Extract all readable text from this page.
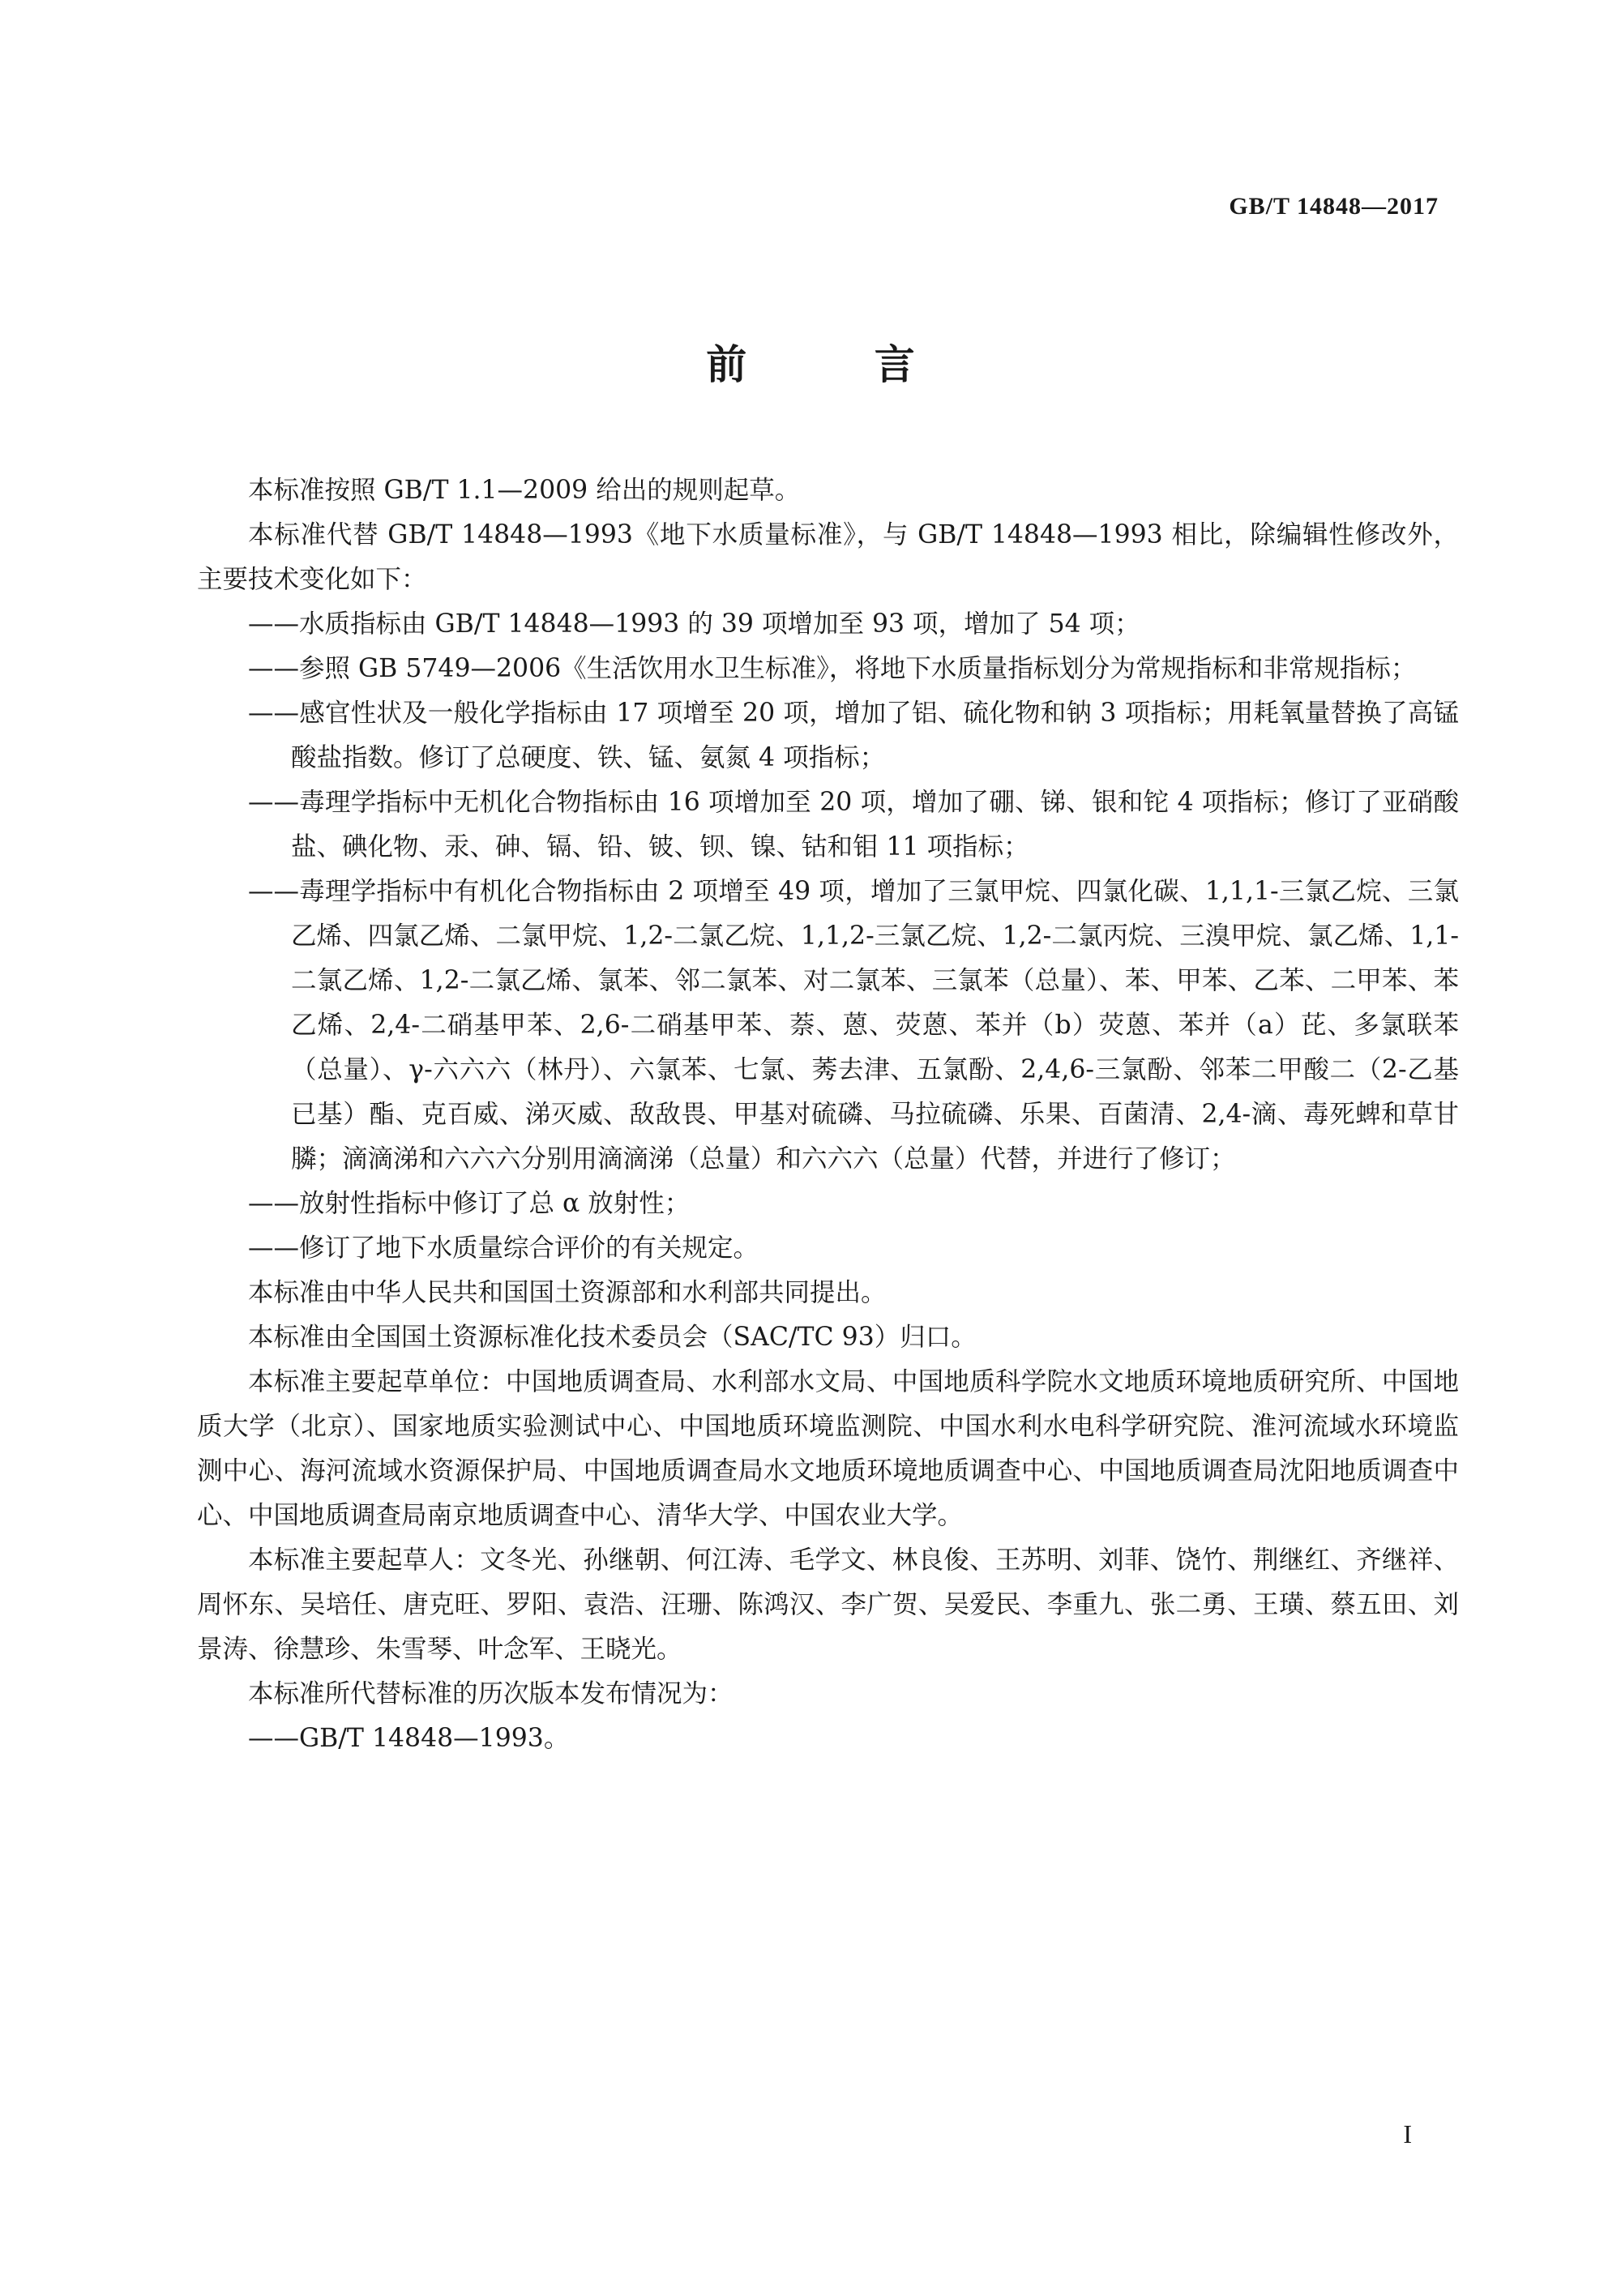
GB/T 14848—2017
前 言

本标准按照 GB/T 1.1—2009 给出的规则起草。

本标准代替 GB/T 14848—1993《地下水质量标准》，与 GB/T 14848—1993 相比，除编辑性修改外，主要技术变化如下：

——水质指标由 GB/T 14848—1993 的 39 项增加至 93 项，增加了 54 项；

——参照 GB 5749—2006《生活饮用水卫生标准》，将地下水质量指标划分为常规指标和非常规指标；

——感官性状及一般化学指标由 17 项增至 20 项，增加了铝、硫化物和钠 3 项指标；用耗氧量替换了高锰酸盐指数。修订了总硬度、铁、锰、氨氮 4 项指标；

——毒理学指标中无机化合物指标由 16 项增加至 20 项，增加了硼、锑、银和铊 4 项指标；修订了亚硝酸盐、碘化物、汞、砷、镉、铅、铍、钡、镍、钴和钼 11 项指标；

——毒理学指标中有机化合物指标由 2 项增至 49 项，增加了三氯甲烷、四氯化碳、1,1,1-三氯乙烷、三氯乙烯、四氯乙烯、二氯甲烷、1,2-二氯乙烷、1,1,2-三氯乙烷、1,2-二氯丙烷、三溴甲烷、氯乙烯、1,1-二氯乙烯、1,2-二氯乙烯、氯苯、邻二氯苯、对二氯苯、三氯苯（总量）、苯、甲苯、乙苯、二甲苯、苯乙烯、2,4-二硝基甲苯、2,6-二硝基甲苯、萘、蒽、荧蒽、苯并（b）荧蒽、苯并（a）芘、多氯联苯（总量）、γ-六六六（林丹）、六氯苯、七氯、莠去津、五氯酚、2,4,6-三氯酚、邻苯二甲酸二（2-乙基已基）酯、克百威、涕灭威、敌敌畏、甲基对硫磷、马拉硫磷、乐果、百菌清、2,4-滴、毒死蜱和草甘膦；滴滴涕和六六六分别用滴滴涕（总量）和六六六（总量）代替，并进行了修订；

——放射性指标中修订了总 α 放射性；

——修订了地下水质量综合评价的有关规定。

本标准由中华人民共和国国土资源部和水利部共同提出。

本标准由全国国土资源标准化技术委员会（SAC/TC 93）归口。

本标准主要起草单位：中国地质调查局、水利部水文局、中国地质科学院水文地质环境地质研究所、中国地质大学（北京）、国家地质实验测试中心、中国地质环境监测院、中国水利水电科学研究院、淮河流域水环境监测中心、海河流域水资源保护局、中国地质调查局水文地质环境地质调查中心、中国地质调查局沈阳地质调查中心、中国地质调查局南京地质调查中心、清华大学、中国农业大学。

本标准主要起草人：文冬光、孙继朝、何江涛、毛学文、林良俊、王苏明、刘菲、饶竹、荆继红、齐继祥、周怀东、吴培任、唐克旺、罗阳、袁浩、汪珊、陈鸿汉、李广贺、吴爱民、李重九、张二勇、王璜、蔡五田、刘景涛、徐慧珍、朱雪琴、叶念军、王晓光。

本标准所代替标准的历次版本发布情况为：

——GB/T 14848—1993。

I
